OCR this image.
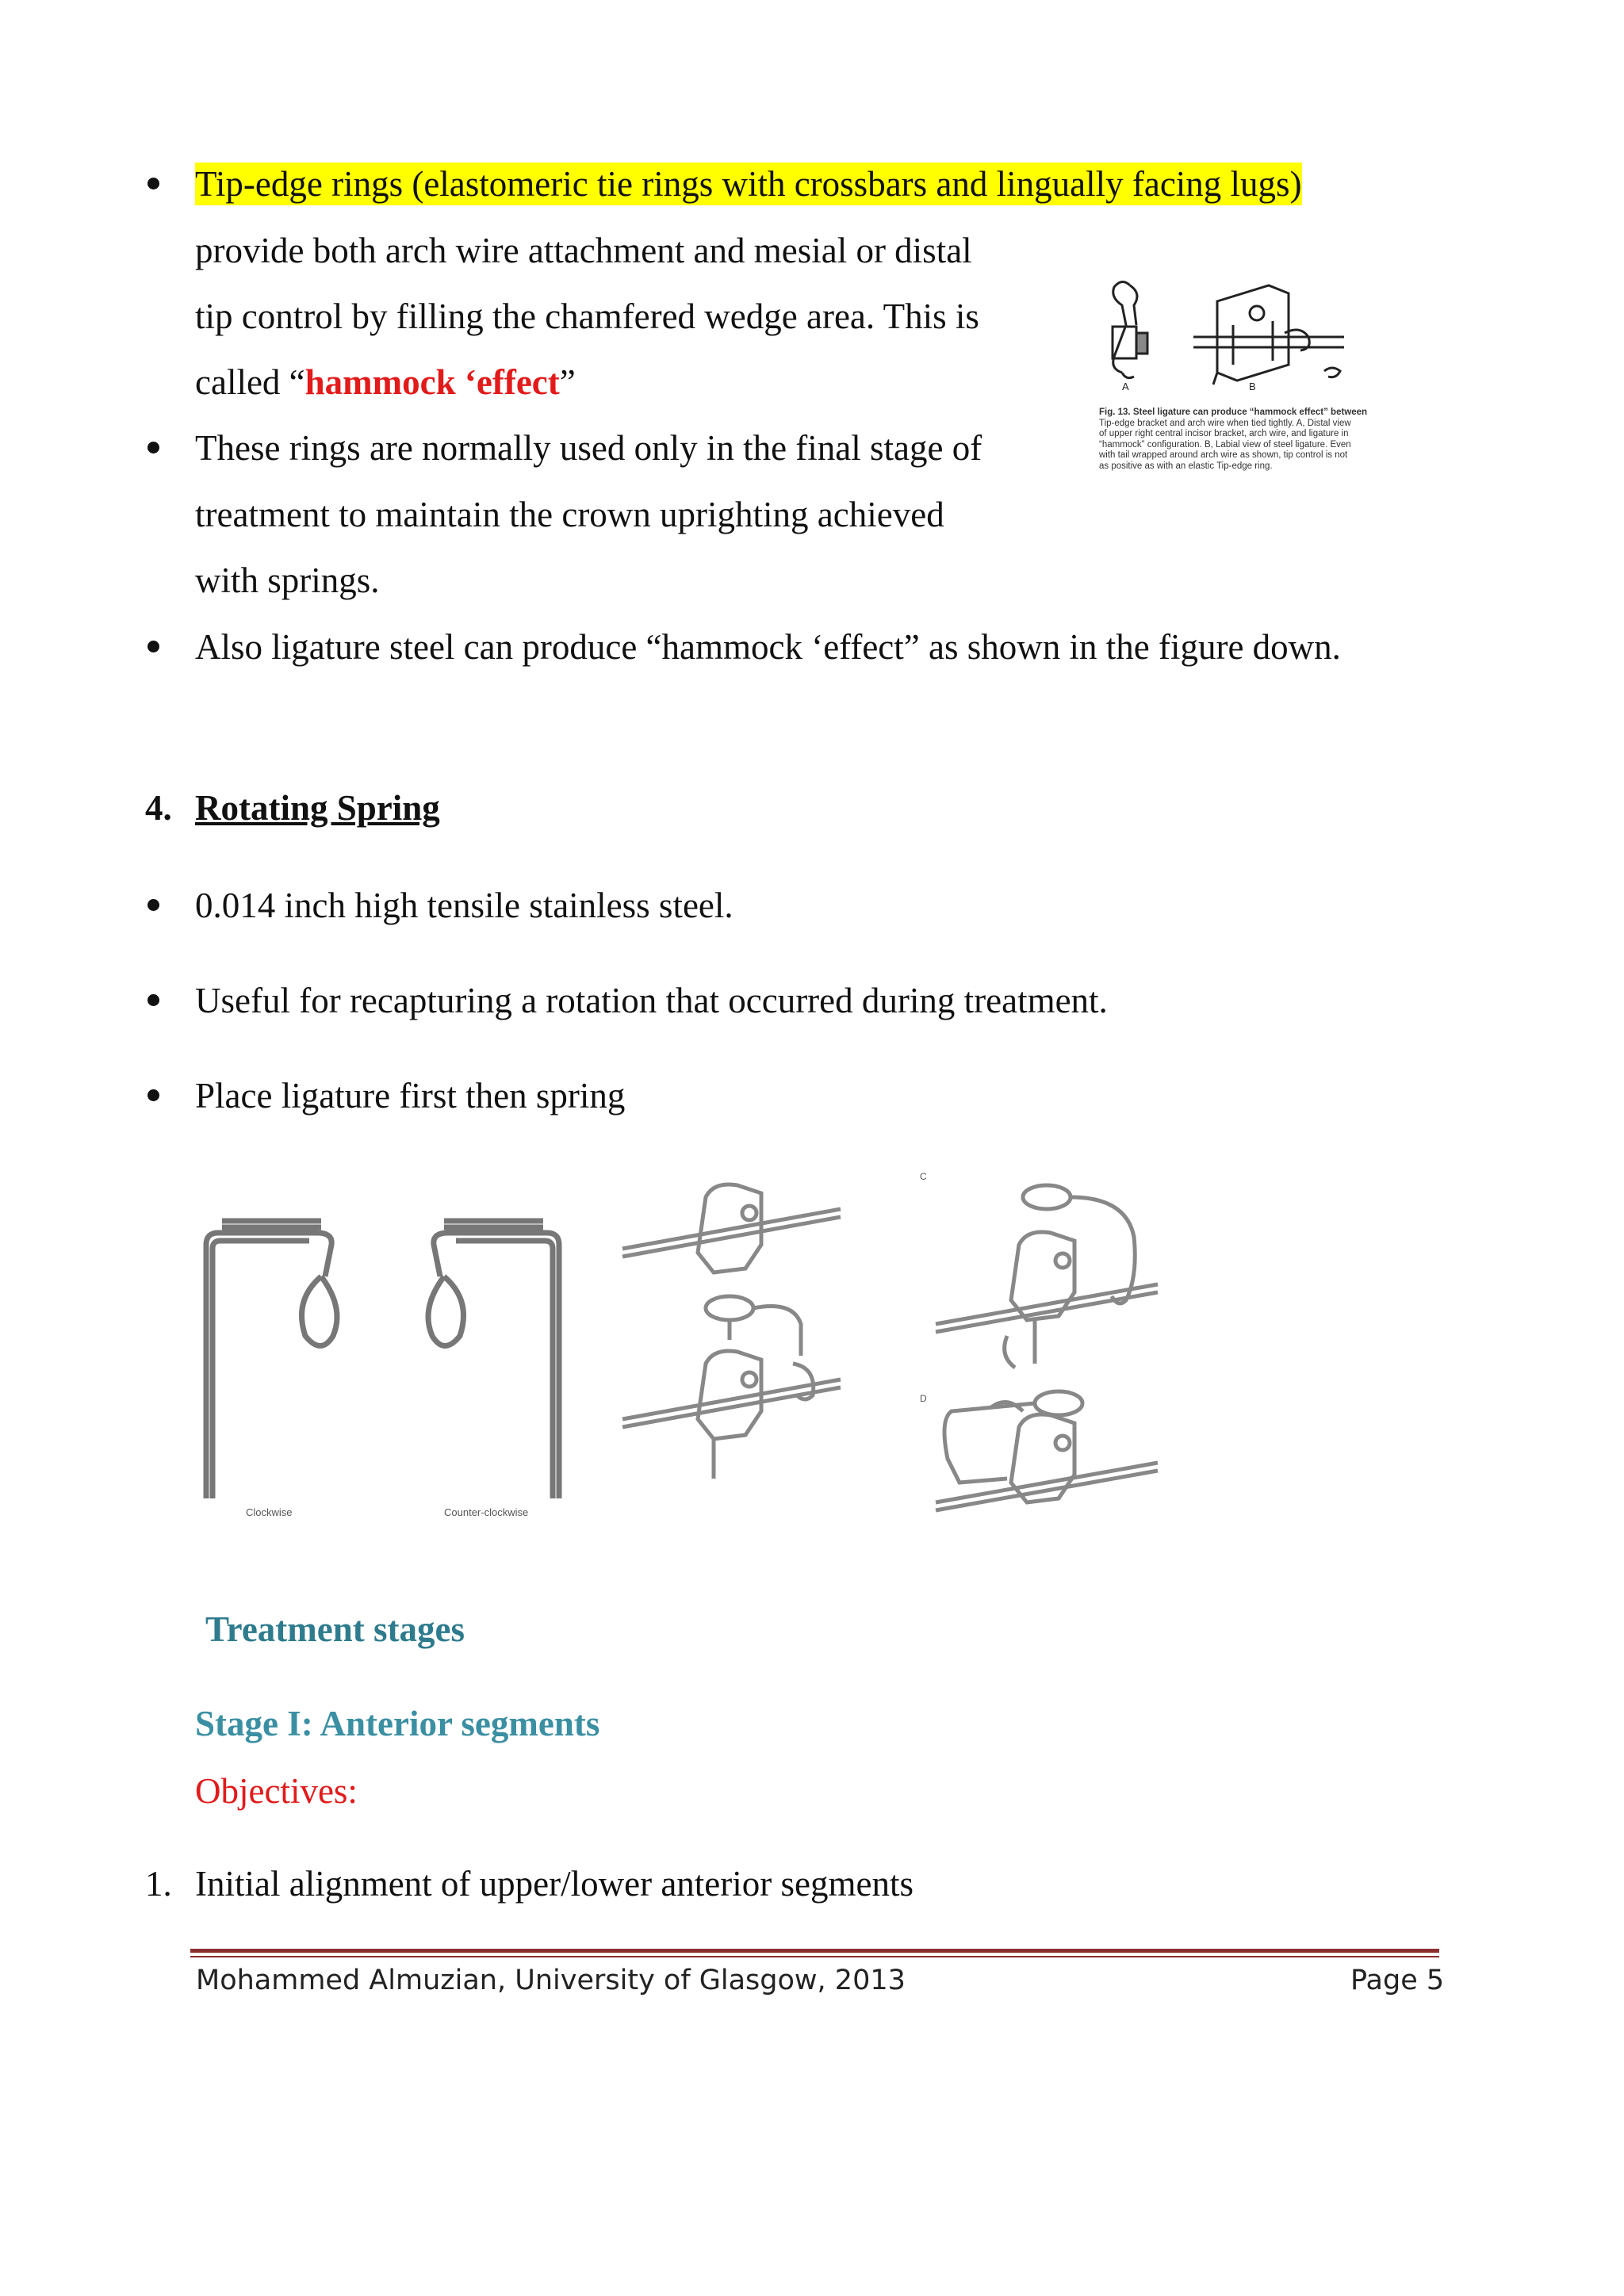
Tip-edge rings (elastomeric tie rings with crossbars and lingually facing lugs)
provide both arch wire attachment and mesial or distal
tip control by filling the chamfered wedge area. This is
called “hammock ‘effect”
These rings are normally used only in the final stage of
treatment to maintain the crown uprighting achieved
with springs.
Also ligature steel can produce “hammock ‘effect” as shown in the figure down.
A	B
Fig. 13. Steel ligature can produce “hammock effect” between
Tip-edge bracket and arch wire when tied tightly. A, Distal view
of upper right central incisor bracket, arch wire, and ligature in
“hammock” configuration. B, Labial view of steel ligature. Even
with tail wrapped around arch wire as shown, tip control is not
as positive as with an elastic Tip-edge ring.
4. Rotating Spring
0.014 inch high tensile stainless steel.
Useful for recapturing a rotation that occurred during treatment.
Place ligature first then spring
Clockwise	Counter-clockwise
C
D
Treatment stages
Stage I: Anterior segments
Objectives:
1. Initial alignment of upper/lower anterior segments
Mohammed Almuzian, University of Glasgow, 2013	Page 5
